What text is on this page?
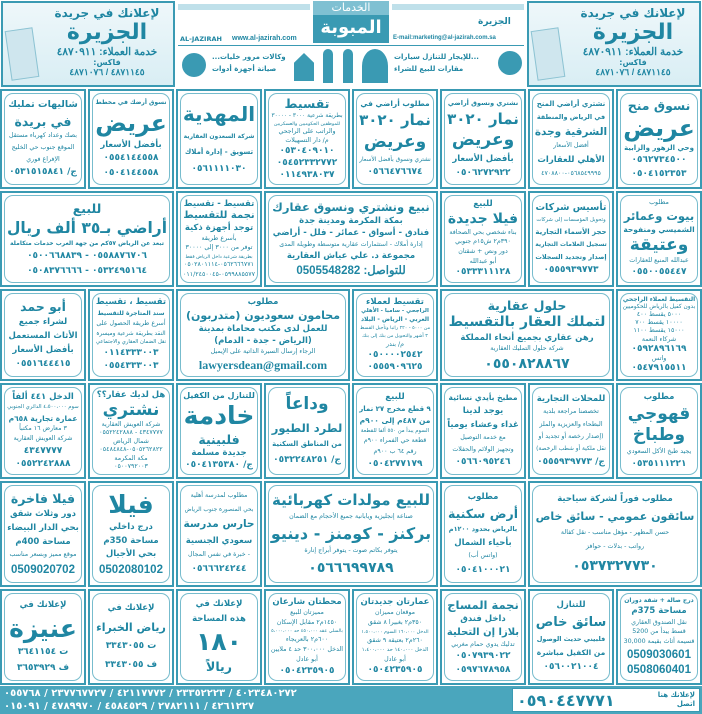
لإعلانك في جريدة
الجزيرة
خدمة العملاء: ٤٨٧٠٩١١
فاكس:
٤٨٧١١٤٥ / ٤٨٧١٠٧٦
الخدمات
المبوبة
AL-JAZIRAH www.al-jazirah.com	E-mail:marketing@al-jazirah.com.sa
الجزيرة
وكالات مرور خليات...
صيانة أجهزة أدوات
...للإيجار للتنازل سيارات
مقارات للبيع للشراء
لإعلانك في جريدة
الجزيرة
خدمة العملاء: ٤٨٧٠٩١١
فاكس:
٤٨٧١١٤٥ / ٤٨٧١٠٧٦
نسوق منح
عريض
وحي الزهور والزابية
٠٥٦٢٧٣٤٥٠٠
٠٥٠٤١٥٢٣٥٣
نشتري أراضي المنح
في الرياض والمنطقة
الشرقية وجدة
أفضل الأسعار
الأهلي للعقارات
٠٥٦٨٥٤٩٩٩٥-٤٧٠٨٨٠٠
نشتري ونسوق أراضي
نمار ٣٠٢٠
وعريض
بأفضل الأسعار
٠٥٠٦٢٧٢٩٢٢
مطلوب أراضي في
نمار ٣٠٢٠
وعريض
نشتري ونسوق بأفضل الأسعار
٠٥٦٦٤٧٦٦٧٤
تقسيط
بطريقة شرعية ٣٠٠٠ - ٣٠٠٠٠
للموظفين الحكوميين والعسكريين
والراتب على الراجحي
م/ دار التسهيلات
٠٥٣٠٤٠٩٠١٠
٠٥٤٥٢٣٣٢٧٧٢
٠١١٤٩٣٨٠٣٧
المهدية
شركة السعدون العقارية
تسويق - إدارة أملاك
٠٥٦١١١١٠٣٠
نسوق أرضك في مخطط
عريض
بأفضل الأسعار
٠٥٥٤١٤٤٥٥٨
٠٥٠٤١٤٤٥٥٨
شاليهات تمليك
في بريدة
بصك وعداد كهرباء مستقل
الموقع جنوب حي الخليج
الإفراغ فوري
ج/ ٠٥٣١٥١٥٨٤١
مطلوب
بيوت وعمائر
الشميسي ومنفوحة
وعتيقة
عبدالله المنيع للعقارات
٠٥٥٠٠٥٥٤٤٧
تأسيس شركات
وتحويل المؤسسات إلى شركات
حجز الأسماء التجارية
تسجيل العلامات التجارية
إصدار وتجديد السجلات
٠٥٥٥٩٣٩٧٧٣
للبيع
فيلا جديدة
بناء شخصي بحي الصحافة
٣٩٠م٢ ش١٥م جنوبي
دور ونص + شقتان
أبو عبدالله
٠٥٣٣٣١١١٢٨
نبيع ونشتري ونسوق عقارك
بمكة المكرمة ومدينة جدة
فنادق - أسواق - عمائر - فلل - أراضي
إدارة أملاك - استثمارات عقارية متوسطة وطويلة المدى
مجموعة د. علي عياش العقارية
للتواصل: 0505548282
تقسيط - تقسيط
نجمة للتقسيط
توجد أجهزة ذكية
بأسرع طريقة
توفر من ٣٠٠٠ إلى ٣٠٠٠٠
بطريقة شرعية داخل الرياض فقط
٠٥٦٢٦٦٦٧٧١-٠٥٠٢٨٠١١١٤
٠٥٩٩٨٨٥٥٧٧-٠١١/٢٤٥٠٠٤٥
للبيع
أراضي بـ٣٥ ألف ريال
تبعد عن الرياض ٥٧كم من جهة الغرب خدمات متكاملة
٠٥٥٨٨٧٦٧٠٦ - ٠٥٠٠٦٦٨٨٣٩
٠٥٣٢٤٩٥١٦٤ - ٠٥٠٨٣٧٦٦٦٦
التقسيط لعملاء الراجحي
بدون كفيل بالرياض للحكوميين
٥٠٠٠ يقسط ٤٠٠
١٠٠٠٠ يقسط ٧٠٠
١٥٠٠٠ يقسط ١١٠٠
شركاء النعمة
٠٥٩٢٨٩٦١٦٩
واتس
٠٥٤٧٩١٥٥١١
حلول عقارية
لتملك العقار بالتقسيط
رهن عقاري بجميع أنحاء المملكة
شركة حلول التمليك العقارية
٠٥٥٠٨٢٨٨٦٧
تقسيط لعملاء
الراجحي - سامبا - الأهلي
العربي - الرياض - البلاد
من ٥٠٠٠ - ٢٢٠ راتبا وتأجيل القسط
٣ أشهر والتحويل من بنك إلى بنك
م/ بندر
٠٥٠٠٠٠٢٥٤٢
٠٥٥٥٩٠٩٦٢٥
مطلوب
محامون سعوديون (متدربون)
للعمل لدى مكتب محاماة بمدينة
(الرياض - جدة - الدمام)
الرجاء إرسال السيرة الذاتية على الإيميل
lawyersdean@gmail.com
تقسيط ، تقسيط
سند المتاجرة للتقسيط
أسرع طريقة الحصول على
النقد بطريقة شرعية وميسرة
نقل الضمان العقاري والاجتماعي
٠١١٤٣٣٣٠٠٣
٠٥٥٤٣٣٣٠٠٣
أبو حمد
لشراء جميع
الأثاث المستعمل
بأفضل الأسعار
٠٥٥١٦٤٤٤١٥
مطلوب
قهوجي
وطباخ
يجيد طبخ الأكل السعودي
٠٥٣٥١١١٢٢١
للمحلات التجارية
تخصصنا مراجعة بلدية
البطحاء والعزيزية والملز
(إصدار رخصة أو تجديد أو
نقل ملكية أو شطب الرخصة)
ج/ ٠٥٥٥٩٣٩٧٧٣
مطبخ بأيدي نسائية
يوجد لدينا
غداء وعشاء يومياً
مع خدمة التوصيل
وتجهيز الولائم والحفلات
٠٥٦٦٠٩٥٢٤٦
للبيع
٩ قطع مخرج ٢٧ نمار
من ٤٨٧م إلى ٩٠٠م
السوم يبدأ من ٥٥٠ ألفا للقطعة
قطعة حي الفمراء ٩٠٠م
رقم ٦٤ ب ٩٠٠م
٠٥٠٤٢٧٧١٧٩
وداعاً
لطرد الطيور
من المناطق السكنية
ج/ ٠٥٣٢٢٤٨٢٥١
للتنازل من الكفيل
خادمة
فلبينية
جديدة مسلمة
ج/ ٠٥٠٤١٣٥٣٨٠
هل لديك عقار؟؟
نشتري
شركة العويش العقارية
٤٣٤٧٧٧٧ - ٠٥٥٢٢٤٢٨٨٨
شمال الرياض
٠٥٠٥٢٦٢٨٢٢-٠٥٤٨٤٨٤٨
مكة المكرمة
٠٥٠٠٧٩٢٠٠٣
الدخل ٤٤١ ألفاً
سوم ٤،٥٠٠،٠٠٠ الدائري الجنوبي
عمارة تجارية ٦٥٨م
٣ معارض ١٦ مكتباً
شركة العويش العقارية
٤٣٤٧٧٧٧
٠٥٥٢٢٤٢٨٨٨
مطلوب فوراً لشركة سياحية
سائقون عمومي - سائق خاص
حسن المظهر - مؤهل مناسب - نقل كفالة
رواتب - بدلات - حوافز
٠٥٣٧٣٢٧٧٣٠
مطلوب
أرض سكنية
بالرياض بحدود ١٢٠٠م
بأحياء الشمال
(واتس أب)
٠٥٠٤١٠٠٠٢١
للبيع مولدات كهربائية
صناعة إنجليزية ويابانية جميع الأحجام مع الضمان
بركنز - كومنز - دينيو
يتوفر بكاتم صوت - يتوفر أبراج إنارة
٠٥٦٦٦٩٩٧٨٩
مطلوب لمدرسة أهلية
بحي المنصورة جنوب الرياض
حارس مدرسة
سعودي الجنسية
- خبرة في نفس المجال
٠٥٦٦٦٢٤٢٤٤
فيلا
درج داخلي
مساحة 350م
بحي الأجيال
0502080102
فيلا فاخرة
دور وثلاث شقق
بحي الدار البيضاء
مساحة 400م
موقع مميز وبسعر مناسب
0509020702
درج صالة + شقة دوران
مساحة 375م
نقل الصندوق العقاري
قسط يبدأ من 5200
قسيمة أثاث بقيمة 30,000
0509030601
0508060401
للتنازل
سائق خاص
فلبيني حديث الوصول
من الكفيل مباشرة
٠٥٦٠٠٢١٠٠٤
نجمة المساج
داخل فندق
بلازا إن التحلية
تدليك يدوي حمام مغربي
٠٥٠٧٩٣٩٠٢٢
٠٥٩٧٦٧٨٩٥٨
عمارتان جديدتان
موقعان مميزان
٣٥٠م٢ بغبيرا ٨ شقق
الدخل ١٦٠،٠٠٠ السوم ١،٥٠٠،٠٠٠
٢٦٠م٢ بعتيقة ٩ شقق
الدخل ١٤٠،٠٠٠ حد ١،٤٠٠،٠٠٠
أبو عادل
٠٥٠٤٢٣٥٩٠٥
محطتان شارعان
مميزتان للبيع
١٤٥٠م٢ مقابل الإسكان
بالسلي عقد ٤٥٠،٠٠٠ حد ٥،٠٠٠،٠٠٠
٦٠٠م٢ بالعريجاء
الدخل ٣٠٠،٠٠٠ حد ٤ ملايين
أبو عادل
٠٥٠٤٢٣٥٩٠٥
لإعلانك في
هذه المساحة
١٨٠
ريالاً
لإعلانك في
رياض الخبراء
ت ٣٣٤٣٠٥٥
ف ٣٣٤٣٠٥٥
لإعلانك في
عنيزة
ت ٣٦٤١١٥٤
ف ٣٦٥٣٩٢٩
٤٠٢٣٤٨٠٢٧٢ / ٢٣٣٥٢٢٢٣ / ٤٢١١٧٧٧٢ / ٢٣٧٧٦٧٧٢٧ / ٠٥٥٧٦٨
٤٢٦١٢٢٧ / ٢٧٨٢١١١ / ٤٥٨٤٥٢٩ / ٤٧٨٩٩٧٠ / ٠١٥٠٩١	٠٥٩٠٤٤٧٧٧١	لإعلانك هنا
اتصل
